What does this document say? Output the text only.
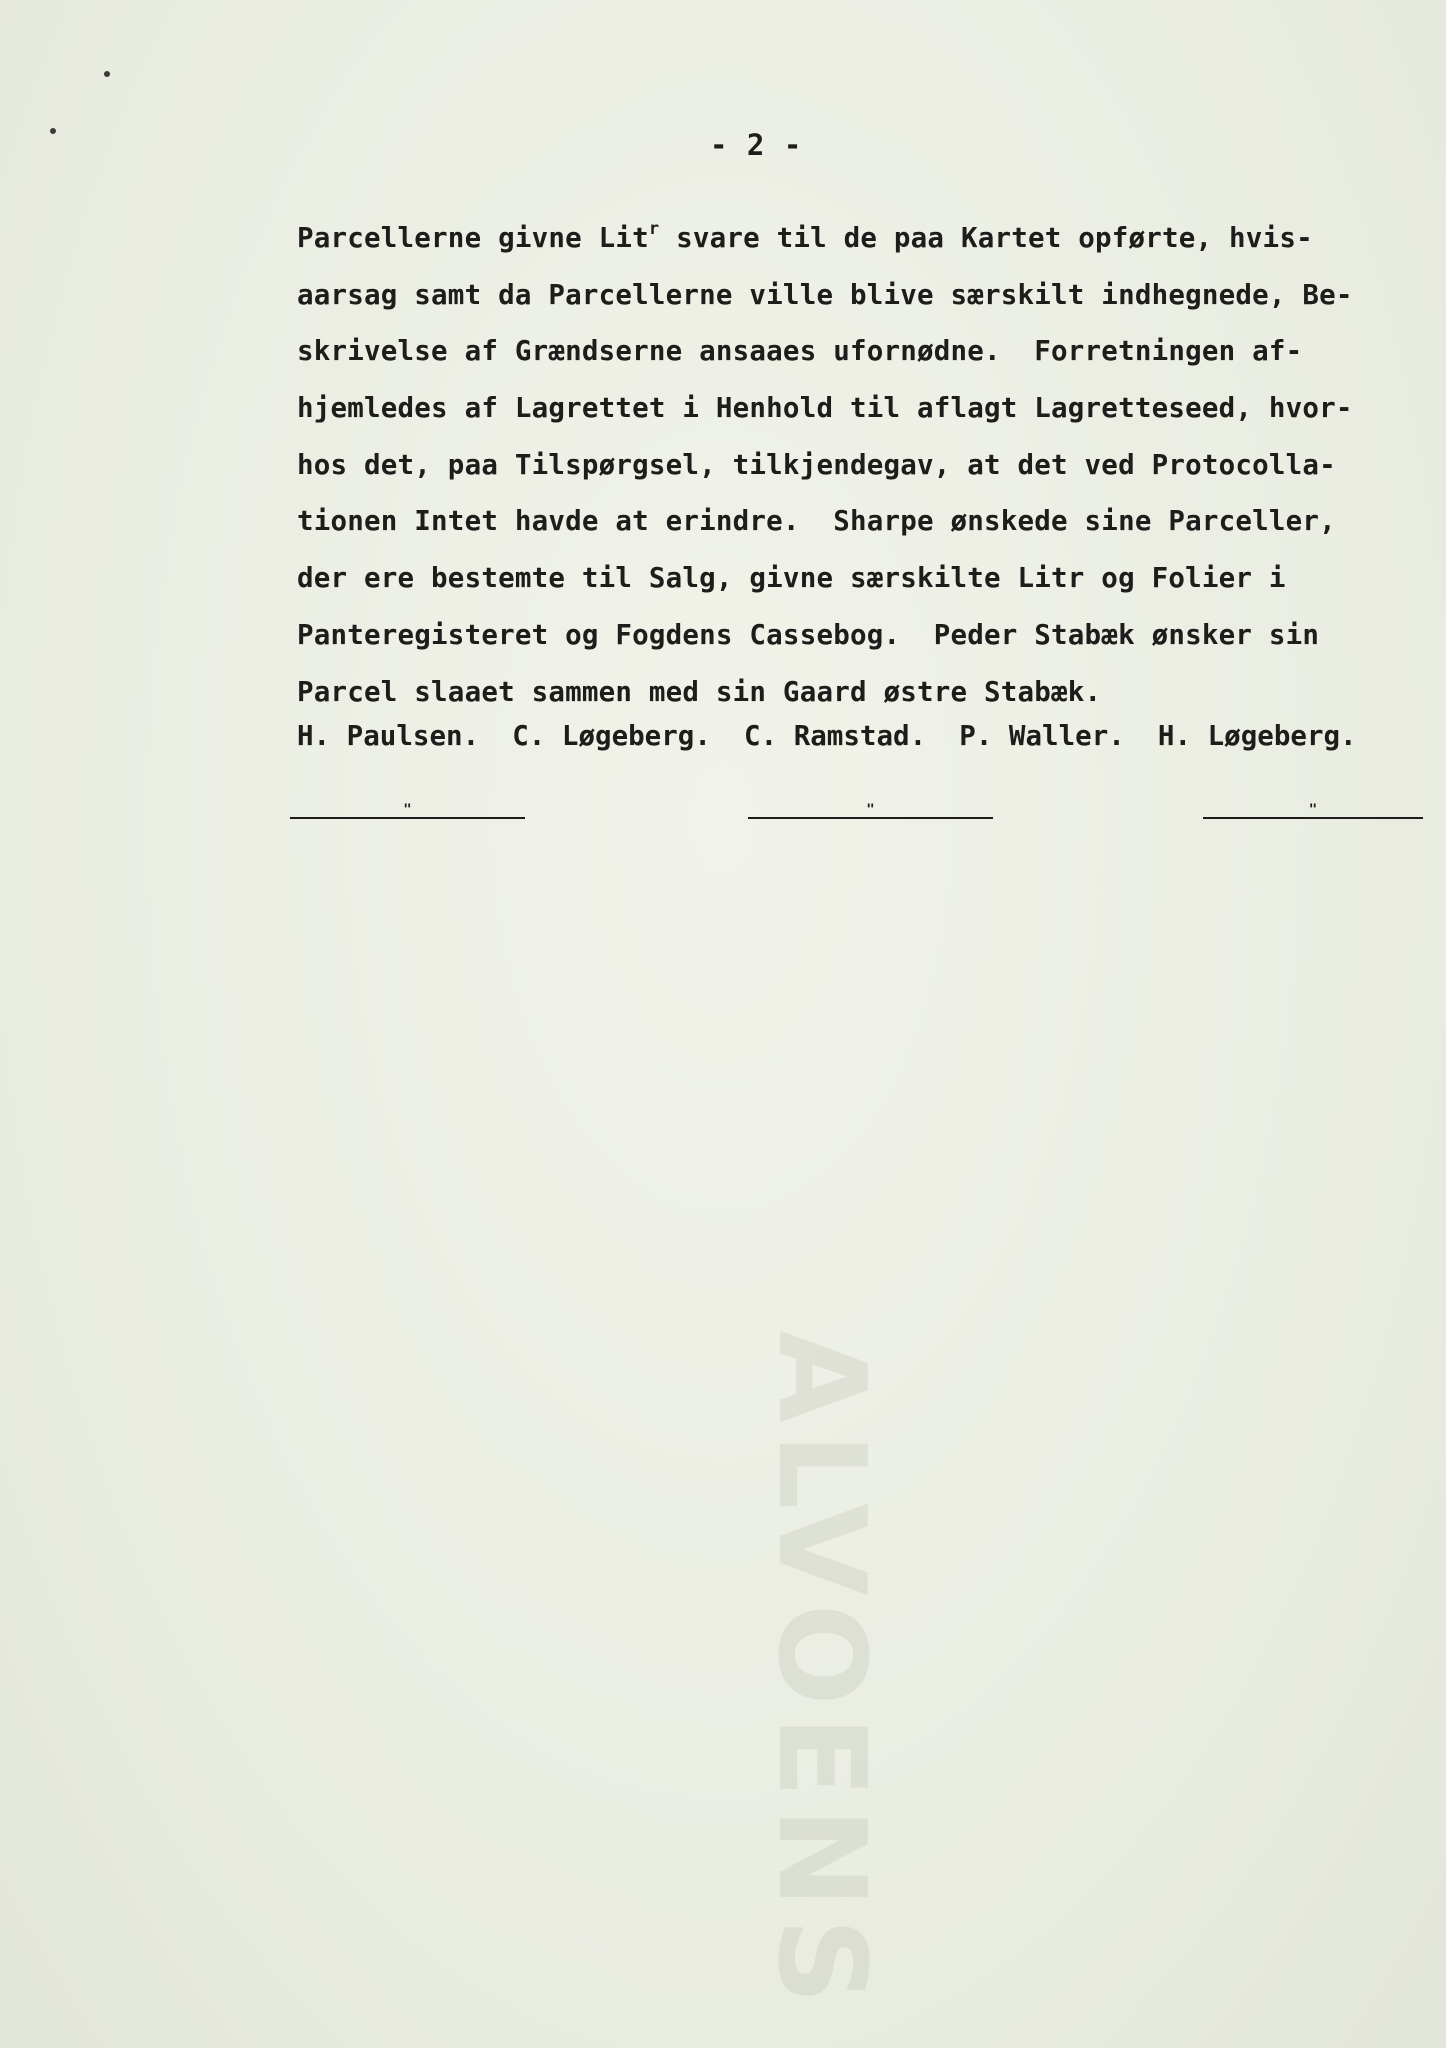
ALVOENS
- 2 -
Parcellerne givne Lit$^r$ svare til de paa Kartet opførte, hvis-
aarsag samt da Parcellerne ville blive særskilt indhegnede, Be-
skrivelse af Grændserne ansaaes ufornødne.  Forretningen af-
hjemledes af Lagrettet i Henhold til aflagt Lagretteseed, hvor-
hos det, paa Tilspørgsel, tilkjendegav, at det ved Protocolla-
tionen Intet havde at erindre.  Sharpe ønskede sine Parceller,
der ere bestemte til Salg, givne særskilte Litr og Folier i
Panteregisteret og Fogdens Cassebog.  Peder Stabæk ønsker sin
Parcel slaaet sammen med sin Gaard østre Stabæk.
H. Paulsen.  C. Løgeberg.  C. Ramstad.  P. Waller.  H. Løgeberg.
"	"	"
